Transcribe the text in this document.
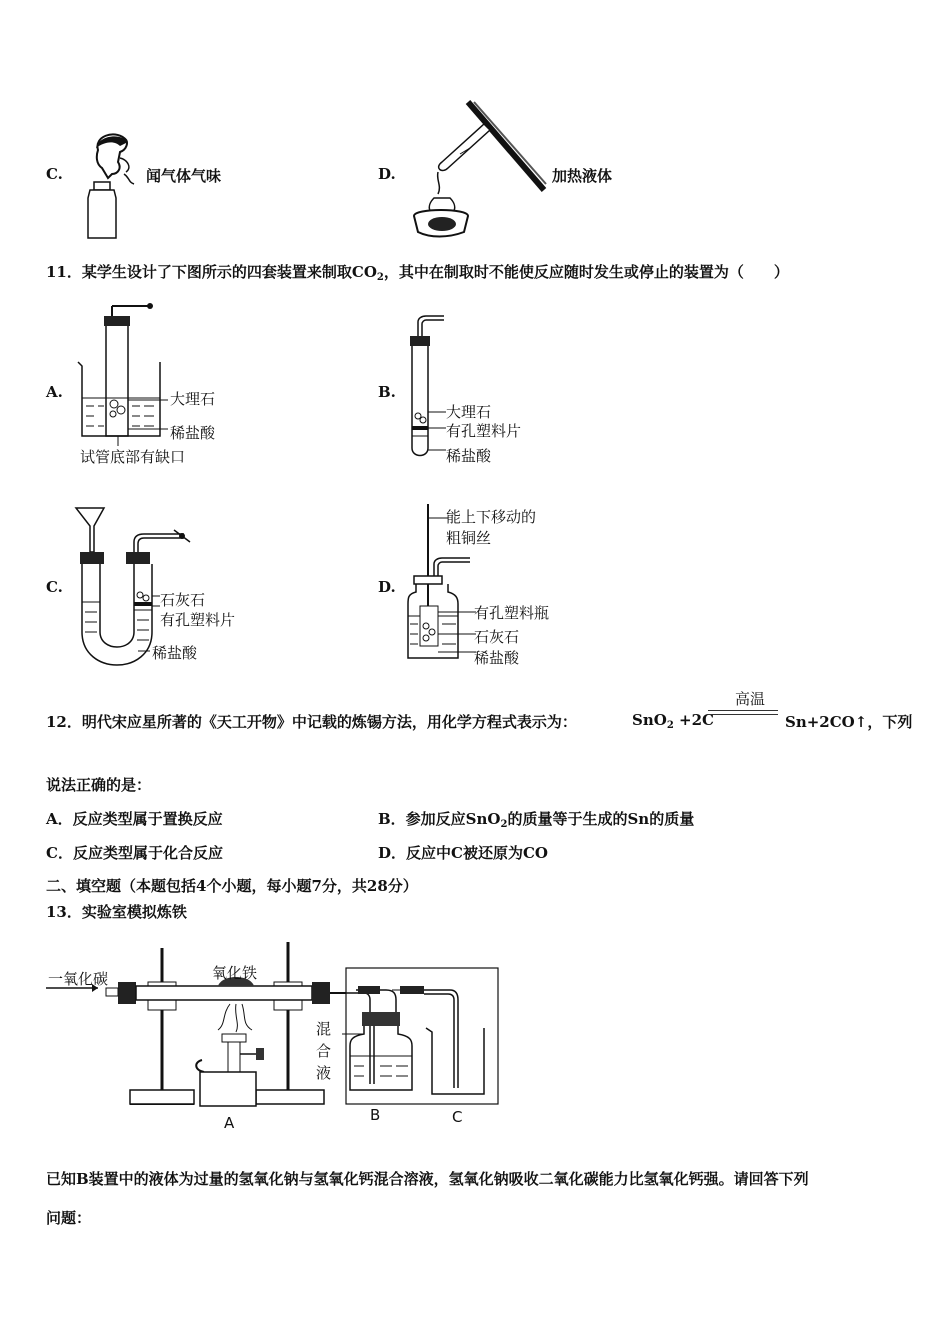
C.	闻气体气味	D.	加热液体
11．某学生设计了下图所示的四套装置来制取$CO_2$，其中在制取时不能使反应随时发生或停止的装置为（　　）
A.	大理石
稀盐酸
试管底部有缺口
B.
大理石
有孔塑料片
稀盐酸
C.
石灰石
有孔塑料片
稀盐酸
D.
能上下移动的
粗铜丝
有孔塑料瓶
石灰石
稀盐酸
12．明代宋应星所著的《天工开物》中记载的炼锡方法，用化学方程式表示为：	SnO$_2$ +2C
高温
Sn+2CO↑，下列
说法正确的是：
A．反应类型属于置换反应	B．参加反应SnO$_2$的质量等于生成的Sn的质量
C．反应类型属于化合反应	D．反应中C被还原为CO
二、填空题（本题包括4个小题，每小题7分，共28分）
13．实验室模拟炼铁
一氧化碳	氧化铁
混
合
液
A	B	C
已知B装置中的液体为过量的氢氧化钠与氢氧化钙混合溶液，氢氧化钠吸收二氧化碳能力比氢氧化钙强。请回答下列
问题：
